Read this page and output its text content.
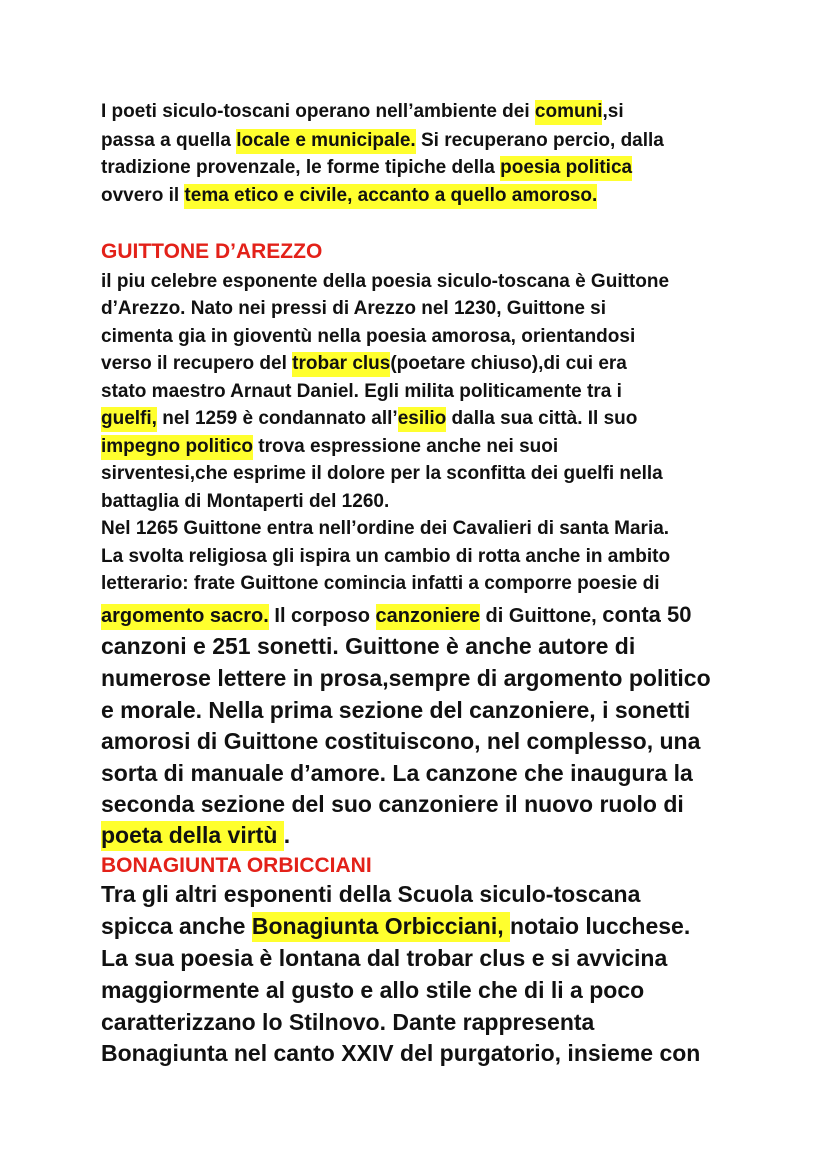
I poeti siculo-toscani operano nell’ambiente dei comuni,si
passa a quella locale e municipale. Si recuperano percio, dalla
tradizione provenzale, le forme tipiche della poesia politica
ovvero il tema etico e civile, accanto a quello amoroso.
GUITTONE D’AREZZO
il piu celebre esponente della poesia siculo-toscana è Guittone
d’Arezzo. Nato nei pressi di Arezzo nel 1230, Guittone si
cimenta gia in gioventù nella poesia amorosa, orientandosi
verso il recupero del trobar clus(poetare chiuso),di cui era
stato maestro Arnaut Daniel. Egli milita politicamente tra i
guelfi, nel 1259 è condannato all’esilio dalla sua città. Il suo
impegno politico trova espressione anche nei suoi
sirventesi,che esprime il dolore per la sconfitta dei guelfi nella
battaglia di Montaperti del 1260.
Nel 1265 Guittone entra nell’ordine dei Cavalieri di santa Maria.
La svolta religiosa gli ispira un cambio di rotta anche in ambito
letterario: frate Guittone comincia infatti a comporre poesie di
argomento sacro. Il corposo canzoniere di Guittone, conta 50
canzoni e 251 sonetti. Guittone è anche autore di
numerose lettere in prosa,sempre di argomento politico
e morale. Nella prima sezione del canzoniere, i sonetti
amorosi di Guittone costituiscono, nel complesso, una
sorta di manuale d’amore. La canzone che inaugura la
seconda sezione del suo canzoniere il nuovo ruolo di
poeta della virtù .
BONAGIUNTA ORBICCIANI
Tra gli altri esponenti della Scuola siculo-toscana
spicca anche Bonagiunta Orbicciani, notaio lucchese.
La sua poesia è lontana dal trobar clus e si avvicina
maggiormente al gusto e allo stile che di li a poco
caratterizzano lo Stilnovo. Dante rappresenta
Bonagiunta nel canto XXIV del purgatorio, insieme con
